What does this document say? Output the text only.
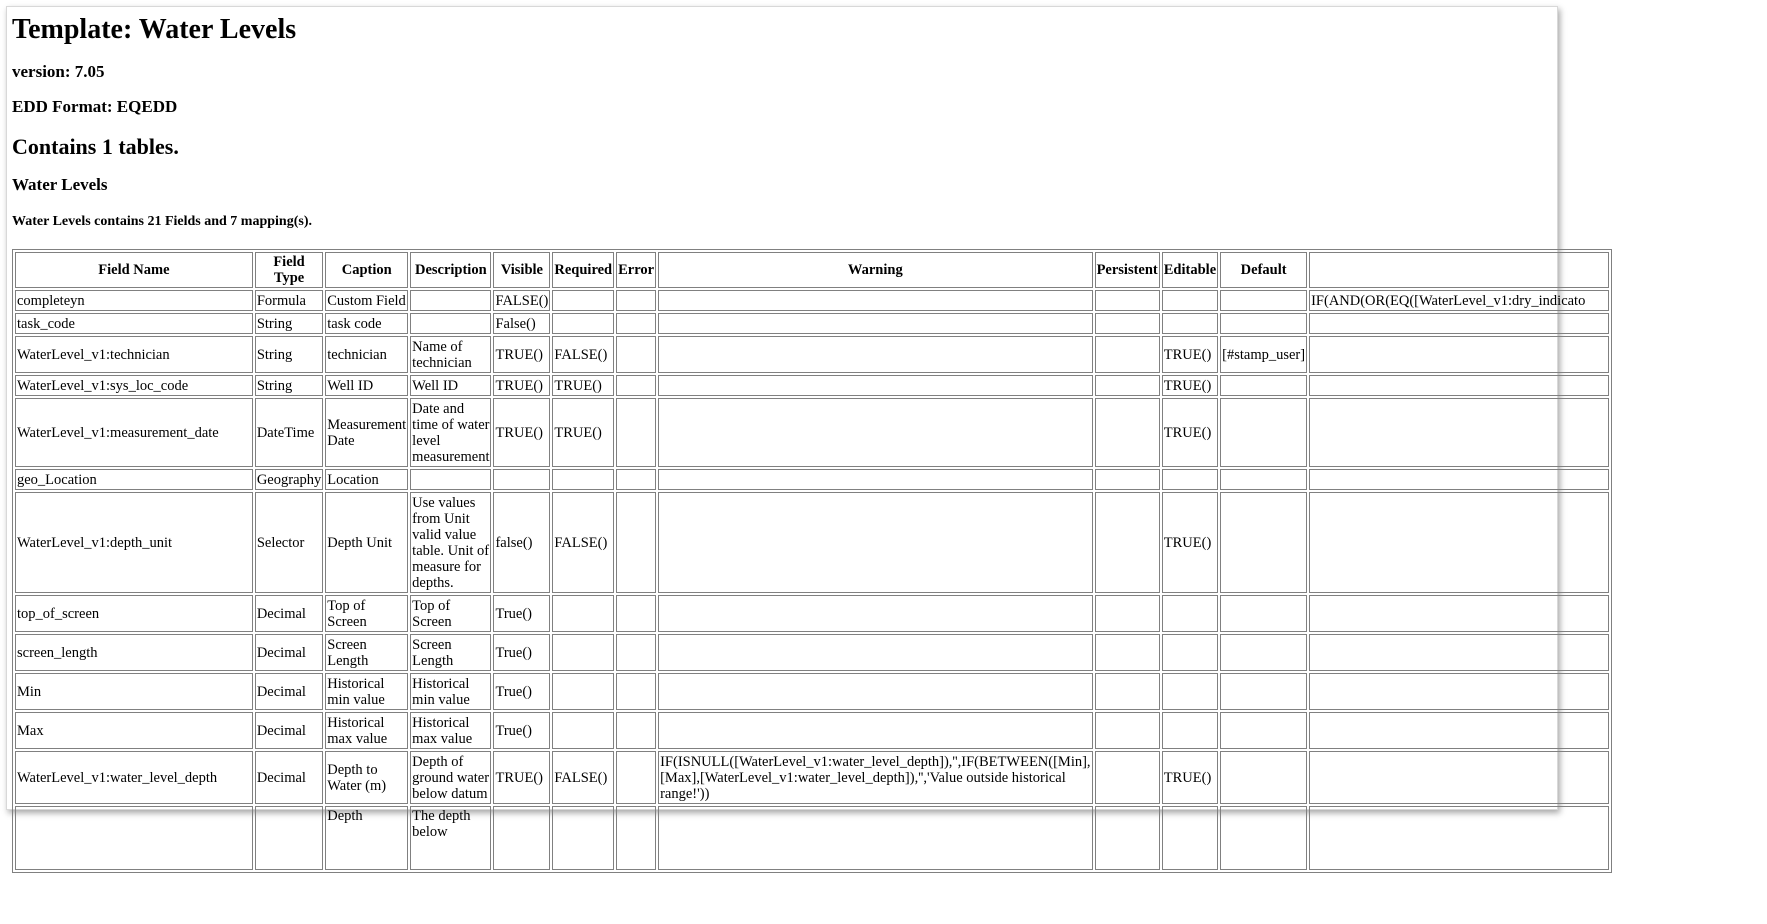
Template: Water Levels
version: 7.05
EDD Format: EQEDD
Contains 1 tables.
Water Levels
Water Levels contains 21 Fields and 7 mapping(s).
Field Name	Field Type	Caption	Description	Visible	Required	Error	Warning	Persistent	Editable	Default	
completeyn	Formula	Custom Field		FALSE()							IF(AND(OR(EQ([WaterLevel_v1:dry_indicato
task_code	String	task code		False()							
WaterLevel_v1:technician	String	technician	Name of technician	TRUE()	FALSE()				TRUE()	[#stamp_user]	
WaterLevel_v1:sys_loc_code	String	Well ID	Well ID	TRUE()	TRUE()				TRUE()		
WaterLevel_v1:measurement_date	DateTime	Measurement Date	Date and time of water level measurement	TRUE()	TRUE()				TRUE()		
geo_Location	Geography	Location									
WaterLevel_v1:depth_unit	Selector	Depth Unit	Use values from Unit valid value table. Unit of measure for depths.	false()	FALSE()				TRUE()		
top_of_screen	Decimal	Top of Screen	Top of Screen	True()							
screen_length	Decimal	Screen Length	Screen Length	True()							
Min	Decimal	Historical min value	Historical min value	True()							
Max	Decimal	Historical max value	Historical max value	True()							
WaterLevel_v1:water_level_depth	Decimal	Depth to Water (m)	Depth of ground water below datum	TRUE()	FALSE()		IF(ISNULL([WaterLevel_v1:water_level_depth]),'',IF(BETWEEN([Min],[Max],[WaterLevel_v1:water_level_depth]),'','Value outside historical range!'))		TRUE()		
		Depth	The depth below								
